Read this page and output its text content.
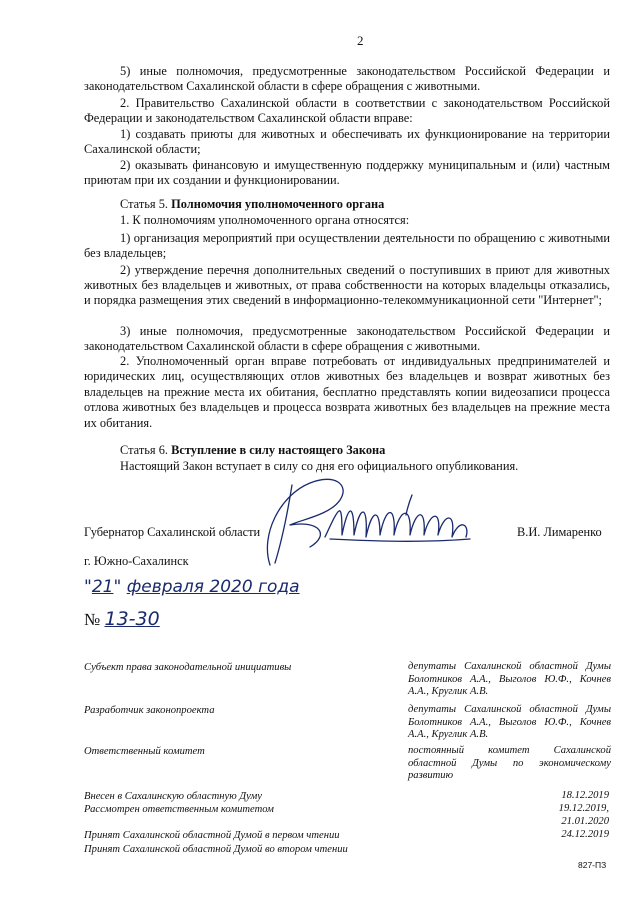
2
5) иные полномочия, предусмотренные законодательством Российской Федерации и законодательством Сахалинской области в сфере обращения с животными.
2. Правительство Сахалинской области в соответствии с законодательством Российской Федерации и законодательством Сахалинской области вправе:
1) создавать приюты для животных и обеспечивать их функционирование на территории Сахалинской области;
2) оказывать финансовую и имущественную поддержку муниципальным и (или) частным приютам при их создании и функционировании.
Статья 5. Полномочия уполномоченного органа
1. К полномочиям уполномоченного органа относятся:
1) организация мероприятий при осуществлении деятельности по обращению с животными без владельцев;
2) утверждение перечня дополнительных сведений о поступивших в приют для животных животных без владельцев и животных, от права собственности на которых владельцы отказались, и порядка размещения этих сведений в информационно-телекоммуникационной сети "Интернет";
3) иные полномочия, предусмотренные законодательством Российской Федерации и законодательством Сахалинской области в сфере обращения с животными.
2. Уполномоченный орган вправе потребовать от индивидуальных предпринимателей и юридических лиц, осуществляющих отлов животных без владельцев и возврат животных без владельцев на прежние места их обитания, бесплатно представлять копии видеозаписи процесса отлова животных без владельцев и процесса возврата животных без владельцев на прежние места их обитания.
Статья 6. Вступление в силу настоящего Закона
Настоящий Закон вступает в силу со дня его официального опубликования.
Губернатор Сахалинской области	В.И. Лимаренко
г. Южно-Сахалинск
"21" февраля 2020 года
№ 13-30
Субъект права законодательной инициативы	депутаты Сахалинской областной Думы Болотников А.А., Выголов Ю.Ф., Кочнев А.А., Круглик А.В.
Разработчик законопроекта	депутаты Сахалинской областной Думы Болотников А.А., Выголов Ю.Ф., Кочнев А.А., Круглик А.В.
Ответственный комитет	постоянный комитет Сахалинской областной Думы по экономическому развитию
Внесен в Сахалинскую областную Думу	18.12.2019
Рассмотрен ответственным комитетом	19.12.2019,
21.01.2020
Принят Сахалинской областной Думой в первом чтении	24.12.2019
Принят Сахалинской областной Думой во втором чтении
827-ПЗ
